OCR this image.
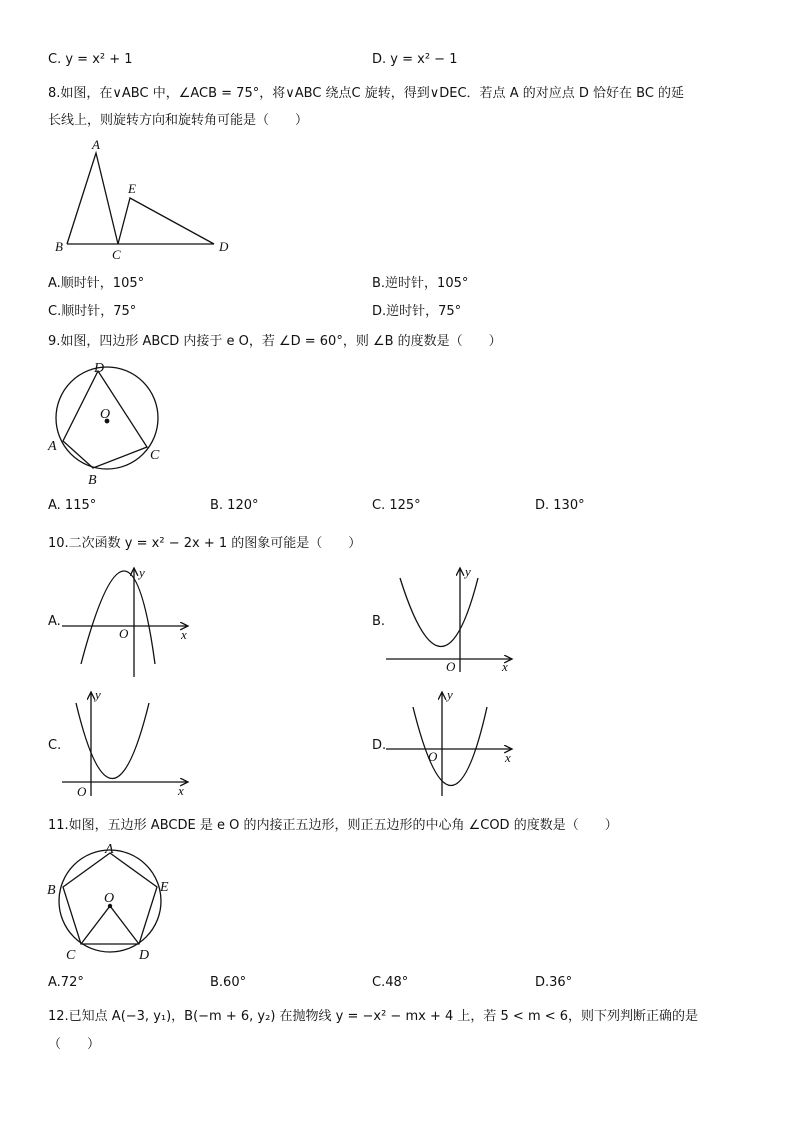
C. y = x² + 1	D. y = x² − 1
8.如图，在∨ABC 中，∠ACB = 75°，将∨ABC 绕点C 旋转，得到∨DEC．若点 A 的对应点 D 恰好在 BC 的延
长线上，则旋转方向和旋转角可能是（　　）
A
B
C
D
E
A.顺时针，105°	B.逆时针，105°
C.顺时针，75°	D.逆时针，75°
9.如图，四边形 ABCD 内接于 e O，若 ∠D = 60°，则 ∠B 的度数是（　　）
D
O
A
B
C
A. 115°	B. 120°	C. 125°	D. 130°
10.二次函数 y = x² − 2x + 1 的图象可能是（　　）
A.	B.
C.	D.
x
y
O
x
y
O
x
y
O
x
y
O
11.如图，五边形 ABCDE 是 e O 的内接正五边形，则正五边形的中心角 ∠COD 的度数是（　　）
A
B
C	D
E
O
A.72°	B.60°	C.48°	D.36°
12.已知点 A(−3, y₁)，B(−m + 6, y₂) 在抛物线 y = −x² − mx + 4 上，若 5 < m < 6，则下列判断正确的是
（　　）
